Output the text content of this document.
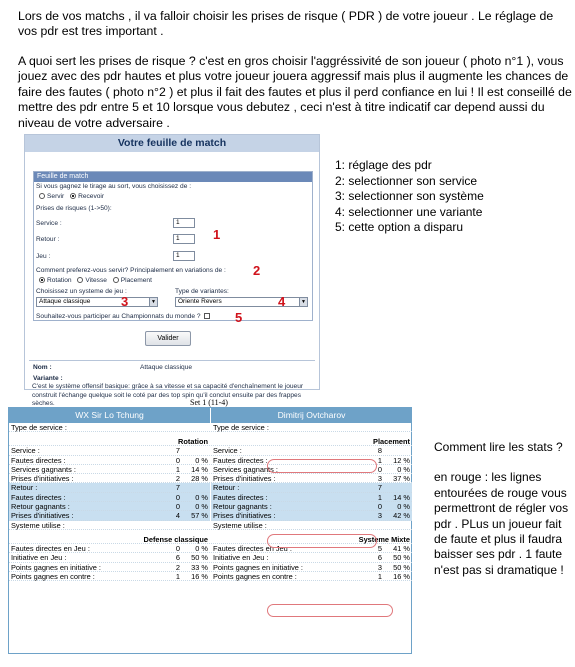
Lors de vos matchs , il va falloir choisir les prises de risque ( PDR ) de votre joueur . Le réglage de vos pdr est tres important .

A quoi sert les prises de risque ? c'est en gros choisir l'aggréssivité de son joueur ( photo n°1 ), vous jouez avec des pdr hautes et plus votre joueur jouera aggressif mais plus il augmente les chances de faire des fautes ( photo n°2 ) et plus il fait des fautes et plus il perd confiance en lui ! Il est conseillé de mettre des pdr entre 5 et 10 lorsque vous debutez , ceci n'est à titre indicatif car depend aussi du niveau de votre adversaire .

Votre feuille de match
Feuille de match
Si vous gagnez le tirage au sort, vous choisissez de :
Servir Recevoir
Prises de risques (1->50):
Service :	1
Retour :	1
Jeu :	1
1
Comment preferez-vous servir? Principalement en variations de : 2
Rotation Vitesse Placement
Choisissez un systeme de jeu :	Type de variantes:
Attaque classique	▼	Oriente Revers	▼
3	4
Souhaitez-vous participer au Championnats du monde ?	5
Valider
Nom :	Attaque classique
Variante :
C'est le système offensif basique: grâce à sa vitesse et sa capacité d'enchaînement le joueur construit l'échange quelque soit le coté par des top spin qu'il conclut ensuite par des frappes sèches.
1: réglage des pdr
2: selectionner son service
3: selectionner son système
4: selectionner une variante
5: cette option a disparu
Set 1 (11-4)
WX Sir Lo Tchung
Type de service :
Rotation
Service :	7
Fautes directes :	0 0 %
Services gagnants :	1 14 %
Prises d'initiatives :	2 28 %
Retour :	7
Fautes directes :	0 0 %
Retour gagnants :	0 0 %
Prises d'initiatives :	4 57 %
Systeme utilise :
Defense classique
Fautes directes en Jeu :	0 0 %
Initiative en Jeu :	6 50 %
Points gagnes en initiative :	2 33 %
Points gagnes en contre :	1 16 %
Dimitrij Ovtcharov
Type de service :
Placement
Service :	8
Fautes directes :	1 12 %
Services gagnants :	0 0 %
Prises d'initiatives :	3 37 %
Retour :	7
Fautes directes :	1 14 %
Retour gagnants :	0 0 %
Prises d'initiatives :	3 42 %
Systeme utilise :
Systeme Mixte
Fautes directes en Jeu :	5 41 %
Initiative en Jeu :	6 50 %
Points gagnes en initiative :	3 50 %
Points gagnes en contre :	1 16 %
Comment lire les stats ?
en rouge : les lignes entourées de rouge vous permettront de régler vos pdr . PLus un joueur fait de faute et plus il faudra baisser ses pdr . 1 faute n'est pas si dramatique !
